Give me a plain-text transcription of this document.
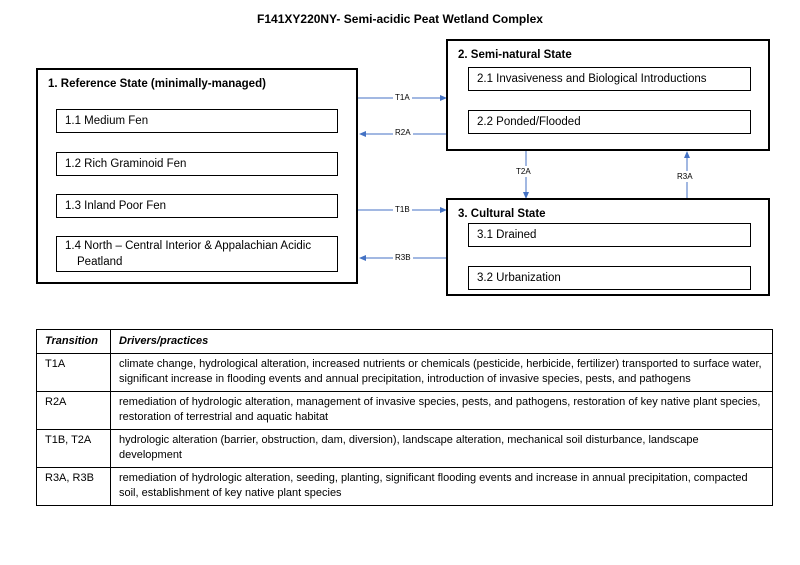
F141XY220NY- Semi-acidic Peat Wetland Complex
T1A
R2A
T2A
R3A
T1B
R3B
1. Reference State (minimally-managed)
1.1 Medium Fen
1.2 Rich Graminoid Fen
1.3 Inland Poor Fen
1.4 North – Central Interior & Appalachian Acidic Peatland
2. Semi-natural State
2.1 Invasiveness and Biological Introductions
2.2 Ponded/Flooded
3. Cultural State
3.1 Drained
3.2 Urbanization
Transition	Drivers/practices
T1A	climate change, hydrological alteration, increased nutrients or chemicals (pesticide, herbicide, fertilizer) transported to surface water, significant increase in flooding events and annual precipitation, introduction of invasive species, pests, and pathogens
R2A	remediation of hydrologic alteration, management of invasive species, pests, and pathogens, restoration of key native plant species, restoration of terrestrial and aquatic habitat
T1B, T2A	hydrologic alteration (barrier, obstruction, dam, diversion), landscape alteration, mechanical soil disturbance, landscape development
R3A, R3B	remediation of hydrologic alteration, seeding, planting, significant flooding events and increase in annual precipitation, compacted soil, establishment of key native plant species
